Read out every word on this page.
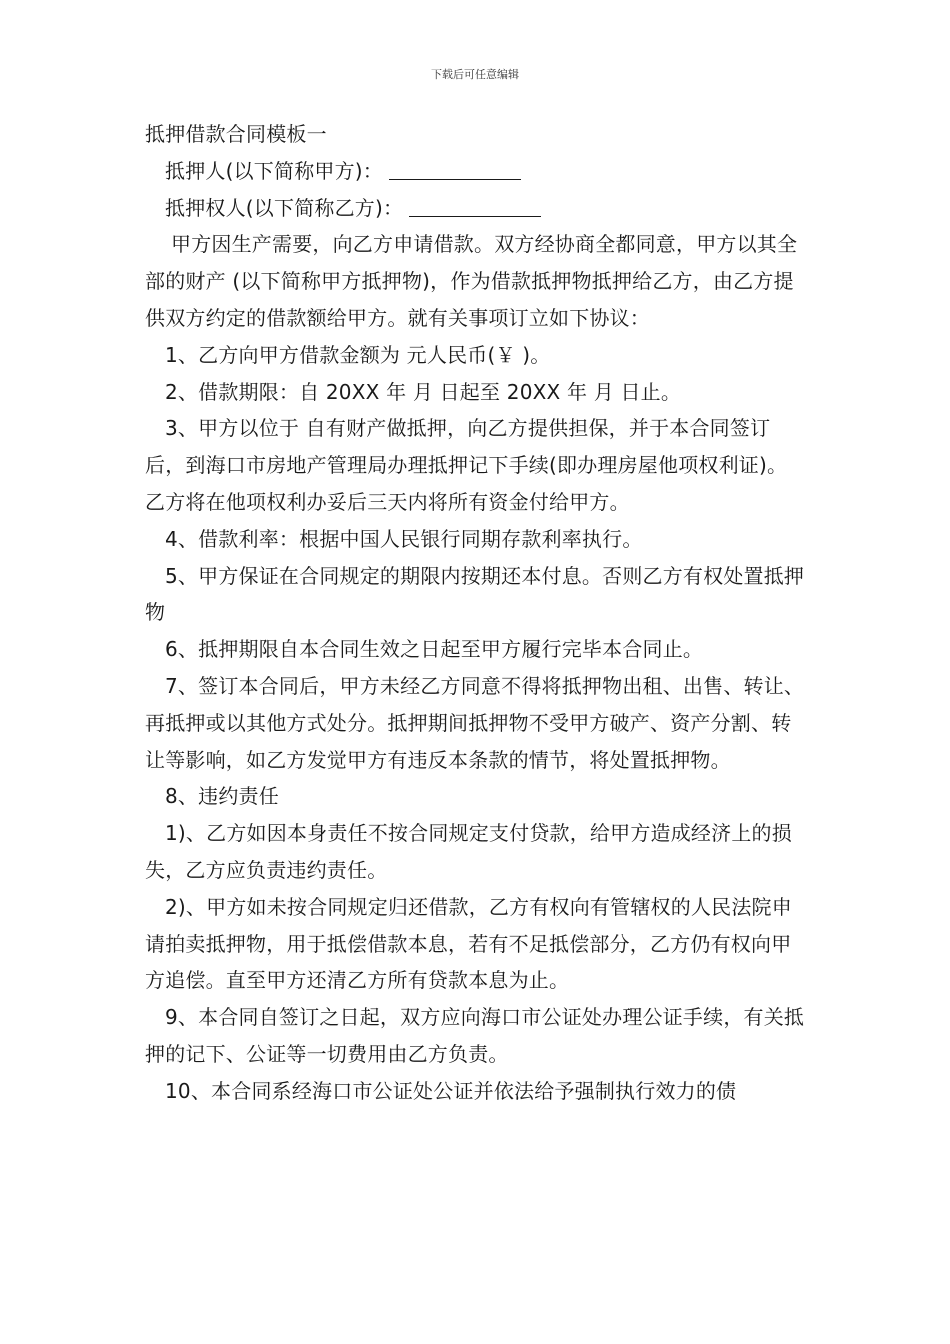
下载后可任意编辑

抵押借款合同模板一

抵押人(以下简称甲方)：

抵押权人(以下简称乙方)：

甲方因生产需要，向乙方申请借款。双方经协商全都同意，甲方以其全部的财产 (以下简称甲方抵押物)，作为借款抵押物抵押给乙方，由乙方提供双方约定的借款额给甲方。就有关事项订立如下协议：

1、乙方向甲方借款金额为 元人民币(￥ )。

2、借款期限：自 20XX 年 月 日起至 20XX 年 月 日止。

3、甲方以位于 自有财产做抵押，向乙方提供担保，并于本合同签订后，到海口市房地产管理局办理抵押记下手续(即办理房屋他项权利证)。乙方将在他项权利办妥后三天内将所有资金付给甲方。

4、借款利率：根据中国人民银行同期存款利率执行。

5、甲方保证在合同规定的期限内按期还本付息。否则乙方有权处置抵押物

6、抵押期限自本合同生效之日起至甲方履行完毕本合同止。

7、签订本合同后，甲方未经乙方同意不得将抵押物出租、出售、转让、再抵押或以其他方式处分。抵押期间抵押物不受甲方破产、资产分割、转让等影响，如乙方发觉甲方有违反本条款的情节，将处置抵押物。

8、违约责任

1)、乙方如因本身责任不按合同规定支付贷款，给甲方造成经济上的损失，乙方应负责违约责任。

2)、甲方如未按合同规定归还借款，乙方有权向有管辖权的人民法院申请拍卖抵押物，用于抵偿借款本息，若有不足抵偿部分，乙方仍有权向甲方追偿。直至甲方还清乙方所有贷款本息为止。

9、本合同自签订之日起，双方应向海口市公证处办理公证手续，有关抵押的记下、公证等一切费用由乙方负责。

10、本合同系经海口市公证处公证并依法给予强制执行效力的债
